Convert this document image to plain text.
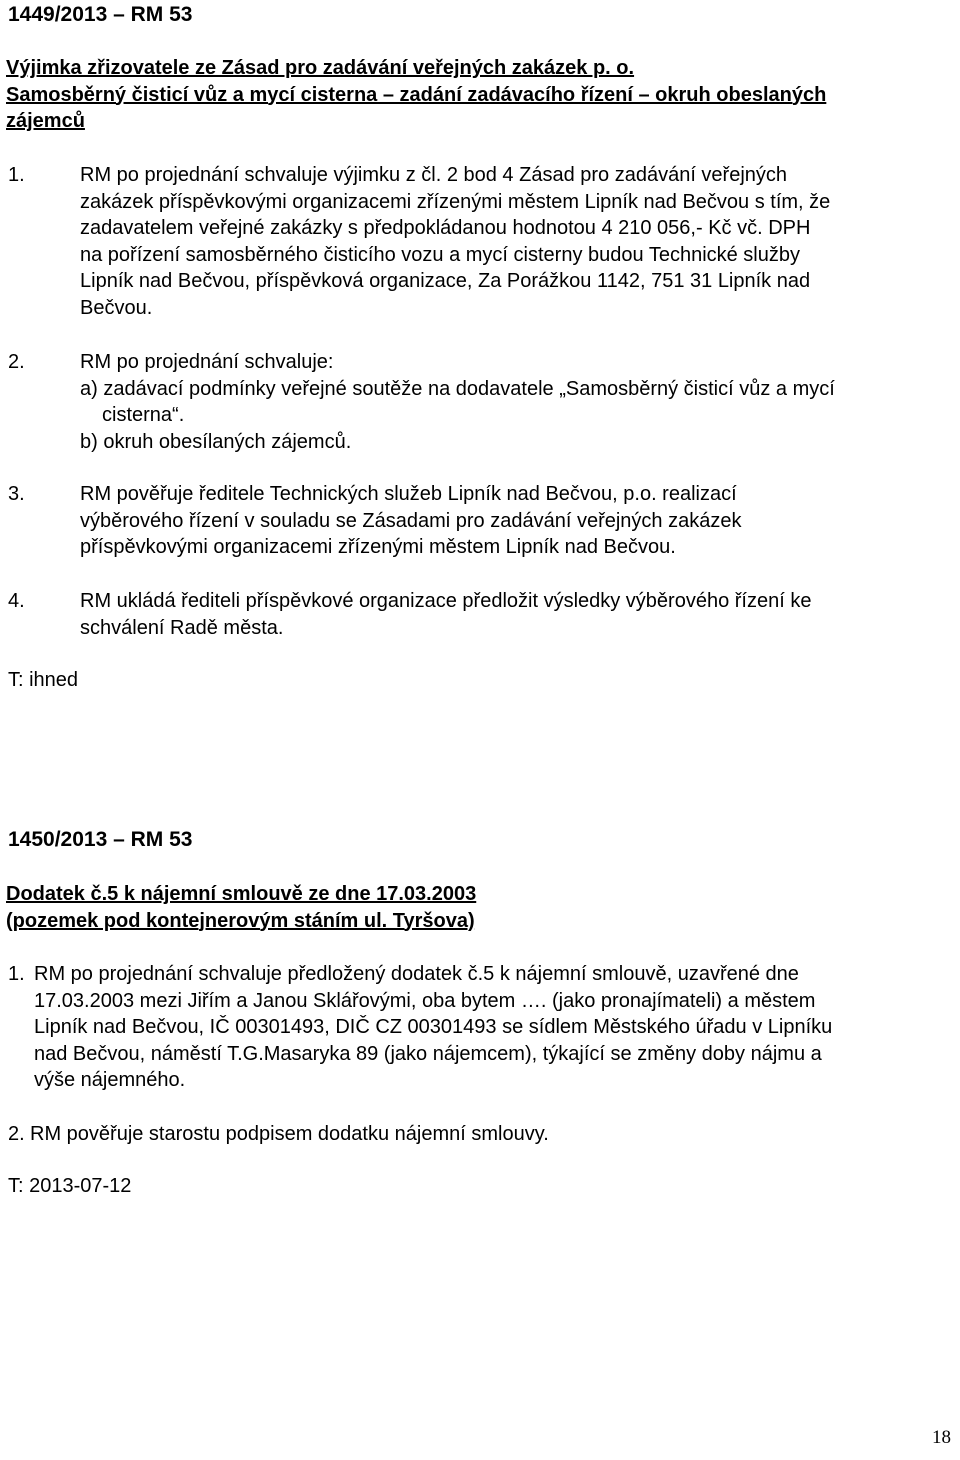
1449/2013 – RM 53
Výjimka zřizovatele ze Zásad pro zadávání veřejných zakázek p. o.
Samosběrný čisticí vůz a mycí cisterna – zadání zadávacího řízení – okruh obeslaných
zájemců
1.	RM po projednání schvaluje výjimku z čl. 2 bod 4 Zásad pro zadávání veřejných
zakázek příspěvkovými organizacemi zřízenými městem Lipník nad Bečvou s tím, že
zadavatelem veřejné zakázky s předpokládanou hodnotou 4 210 056,- Kč vč. DPH
na pořízení samosběrného čisticího vozu a mycí cisterny budou Technické služby
Lipník nad Bečvou, příspěvková organizace, Za Porážkou 1142, 751 31 Lipník nad
Bečvou.
2.	RM po projednání schvaluje:
a) zadávací podmínky veřejné soutěže na dodavatele „Samosběrný čisticí vůz a mycí
cisterna“.
b) okruh obesílaných zájemců.
3.	RM pověřuje ředitele Technických služeb Lipník nad Bečvou, p.o. realizací
výběrového řízení v souladu se Zásadami pro zadávání veřejných zakázek
příspěvkovými organizacemi zřízenými městem Lipník nad Bečvou.
4.	RM ukládá řediteli příspěvkové organizace předložit výsledky výběrového řízení ke
schválení Radě města.
T: ihned
1450/2013 – RM 53
Dodatek č.5 k nájemní smlouvě ze dne 17.03.2003
(pozemek pod kontejnerovým stáním ul. Tyršova)
1. RM po projednání schvaluje předložený dodatek č.5 k nájemní smlouvě, uzavřené dne
17.03.2003 mezi Jiřím a Janou Sklářovými, oba bytem …. (jako pronajímateli) a městem
Lipník nad Bečvou, IČ 00301493, DIČ CZ 00301493 se sídlem Městského úřadu v Lipníku
nad Bečvou, náměstí T.G.Masaryka 89 (jako nájemcem), týkající se změny doby nájmu a
výše nájemného.
2. RM pověřuje starostu podpisem dodatku nájemní smlouvy.
T: 2013-07-12
18
